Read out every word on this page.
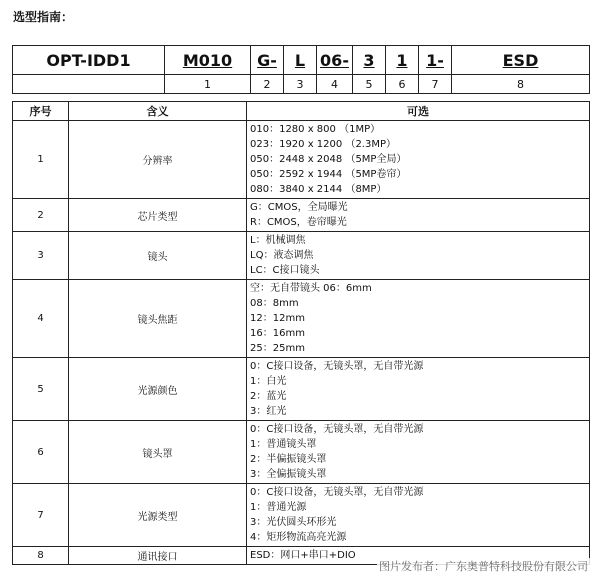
选型指南：
OPT-IDD1	M010	G-	L	06-	3	1	1-	ESD
	1	2	3	4	5	6	7	8
序号	含义	可选
1	分辨率	010：1280 x 800 （1MP）
023：1920 x 1200 （2.3MP）
050：2448 x 2048 （5MP全局）
050：2592 x 1944 （5MP卷帘）
080：3840 x 2144 （8MP）

2	芯片类型	G：CMOS，全局曝光
R：CMOS，卷帘曝光

3	镜头	L：机械调焦
LQ：液态调焦
LC：C接口镜头

4	镜头焦距	空：无自带镜头 06：6mm
08：8mm
12：12mm
16：16mm
25：25mm

5	光源颜色	0：C接口设备，无镜头罩，无自带光源
1：白光
2：蓝光
3：红光

6	镜头罩	0：C接口设备，无镜头罩，无自带光源
1：普通镜头罩
2：半偏振镜头罩
3：全偏振镜头罩

7	光源类型	0：C接口设备，无镜头罩，无自带光源
1：普通光源
3：光伏圆头环形光
4：矩形物流高亮光源

8	通讯接口	ESD：网口+串口+DIO
图片发布者：广东奥普特科技股份有限公司
